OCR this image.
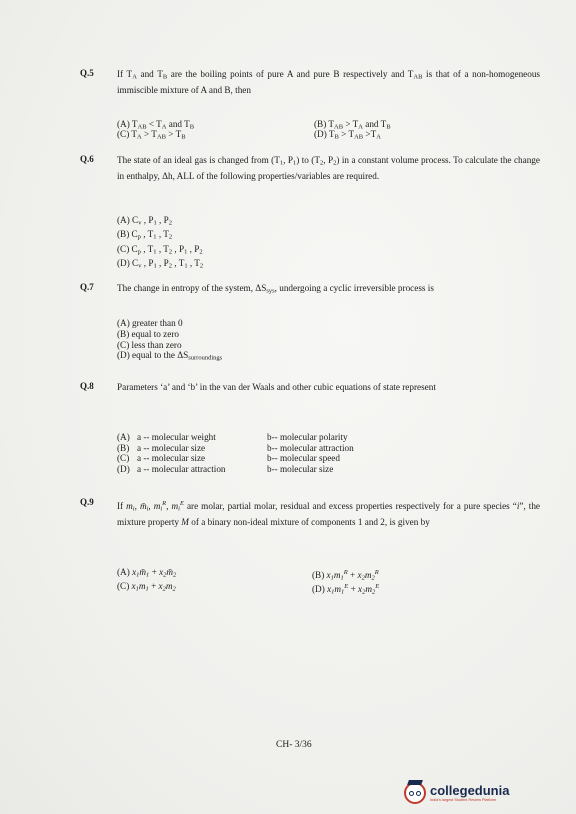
Q.5	If $T_A$ and $T_B$ are the boiling points of pure A and pure B respectively and $T_{AB}$ is that of a non-homogeneous immiscible mixture of A and B, then
(A) $T_{AB} < T_A$ and $T_B$
(C) $T_A > T_{AB} > T_B$
(B) $T_{AB} > T_A$ and $T_B$
(D) $T_B > T_{AB} >T_A$
Q.6	The state of an ideal gas is changed from ($T_1$, $P_1$) to ($T_2$, $P_2$) in a constant volume process. To calculate the change in enthalpy, Δh, ALL of the following properties/variables are required.
(A) $C_v$ , $P_1$ , $P_2$
(B) $C_p$ , $T_1$ , $T_2$
(C) $C_p$ , $T_1$ , $T_2$ , $P_1$ , $P_2$
(D) $C_v$ , $P_1$ , $P_2$ , $T_1$ , $T_2$
Q.7	The change in entropy of the system, $\Delta S_{sys}$, undergoing a cyclic irreversible process is
(A) greater than 0
(B) equal to zero
(C) less than zero
(D) equal to the $\Delta S_{surroundings}$
Q.8	Parameters ‘a’ and ‘b’ in the van der Waals and other cubic equations of state represent
(A) a -- molecular weight	b-- molecular polarity
(B) a -- molecular size	b-- molecular attraction
(C) a -- molecular size	b-- molecular speed
(D) a -- molecular attraction	b-- molecular size
Q.9	If $m_i$, $m̄_i$, $m_i^R$, $m_i^E$ are molar, partial molar, residual and excess properties respectively for a pure species “i”, the mixture property M of a binary non-ideal mixture of components 1 and 2, is given by
(A) $x_1m̄_1$ + $x_2m̄_2$
(C) $x_1m_1 + x_2m_2$
(B) $x_1m_1^R + x_2m_2^R$
(D) $x_1m_1^E + x_2m_2^E$
CH- 3/36
collegedunia
India's largest Student Review Platform
